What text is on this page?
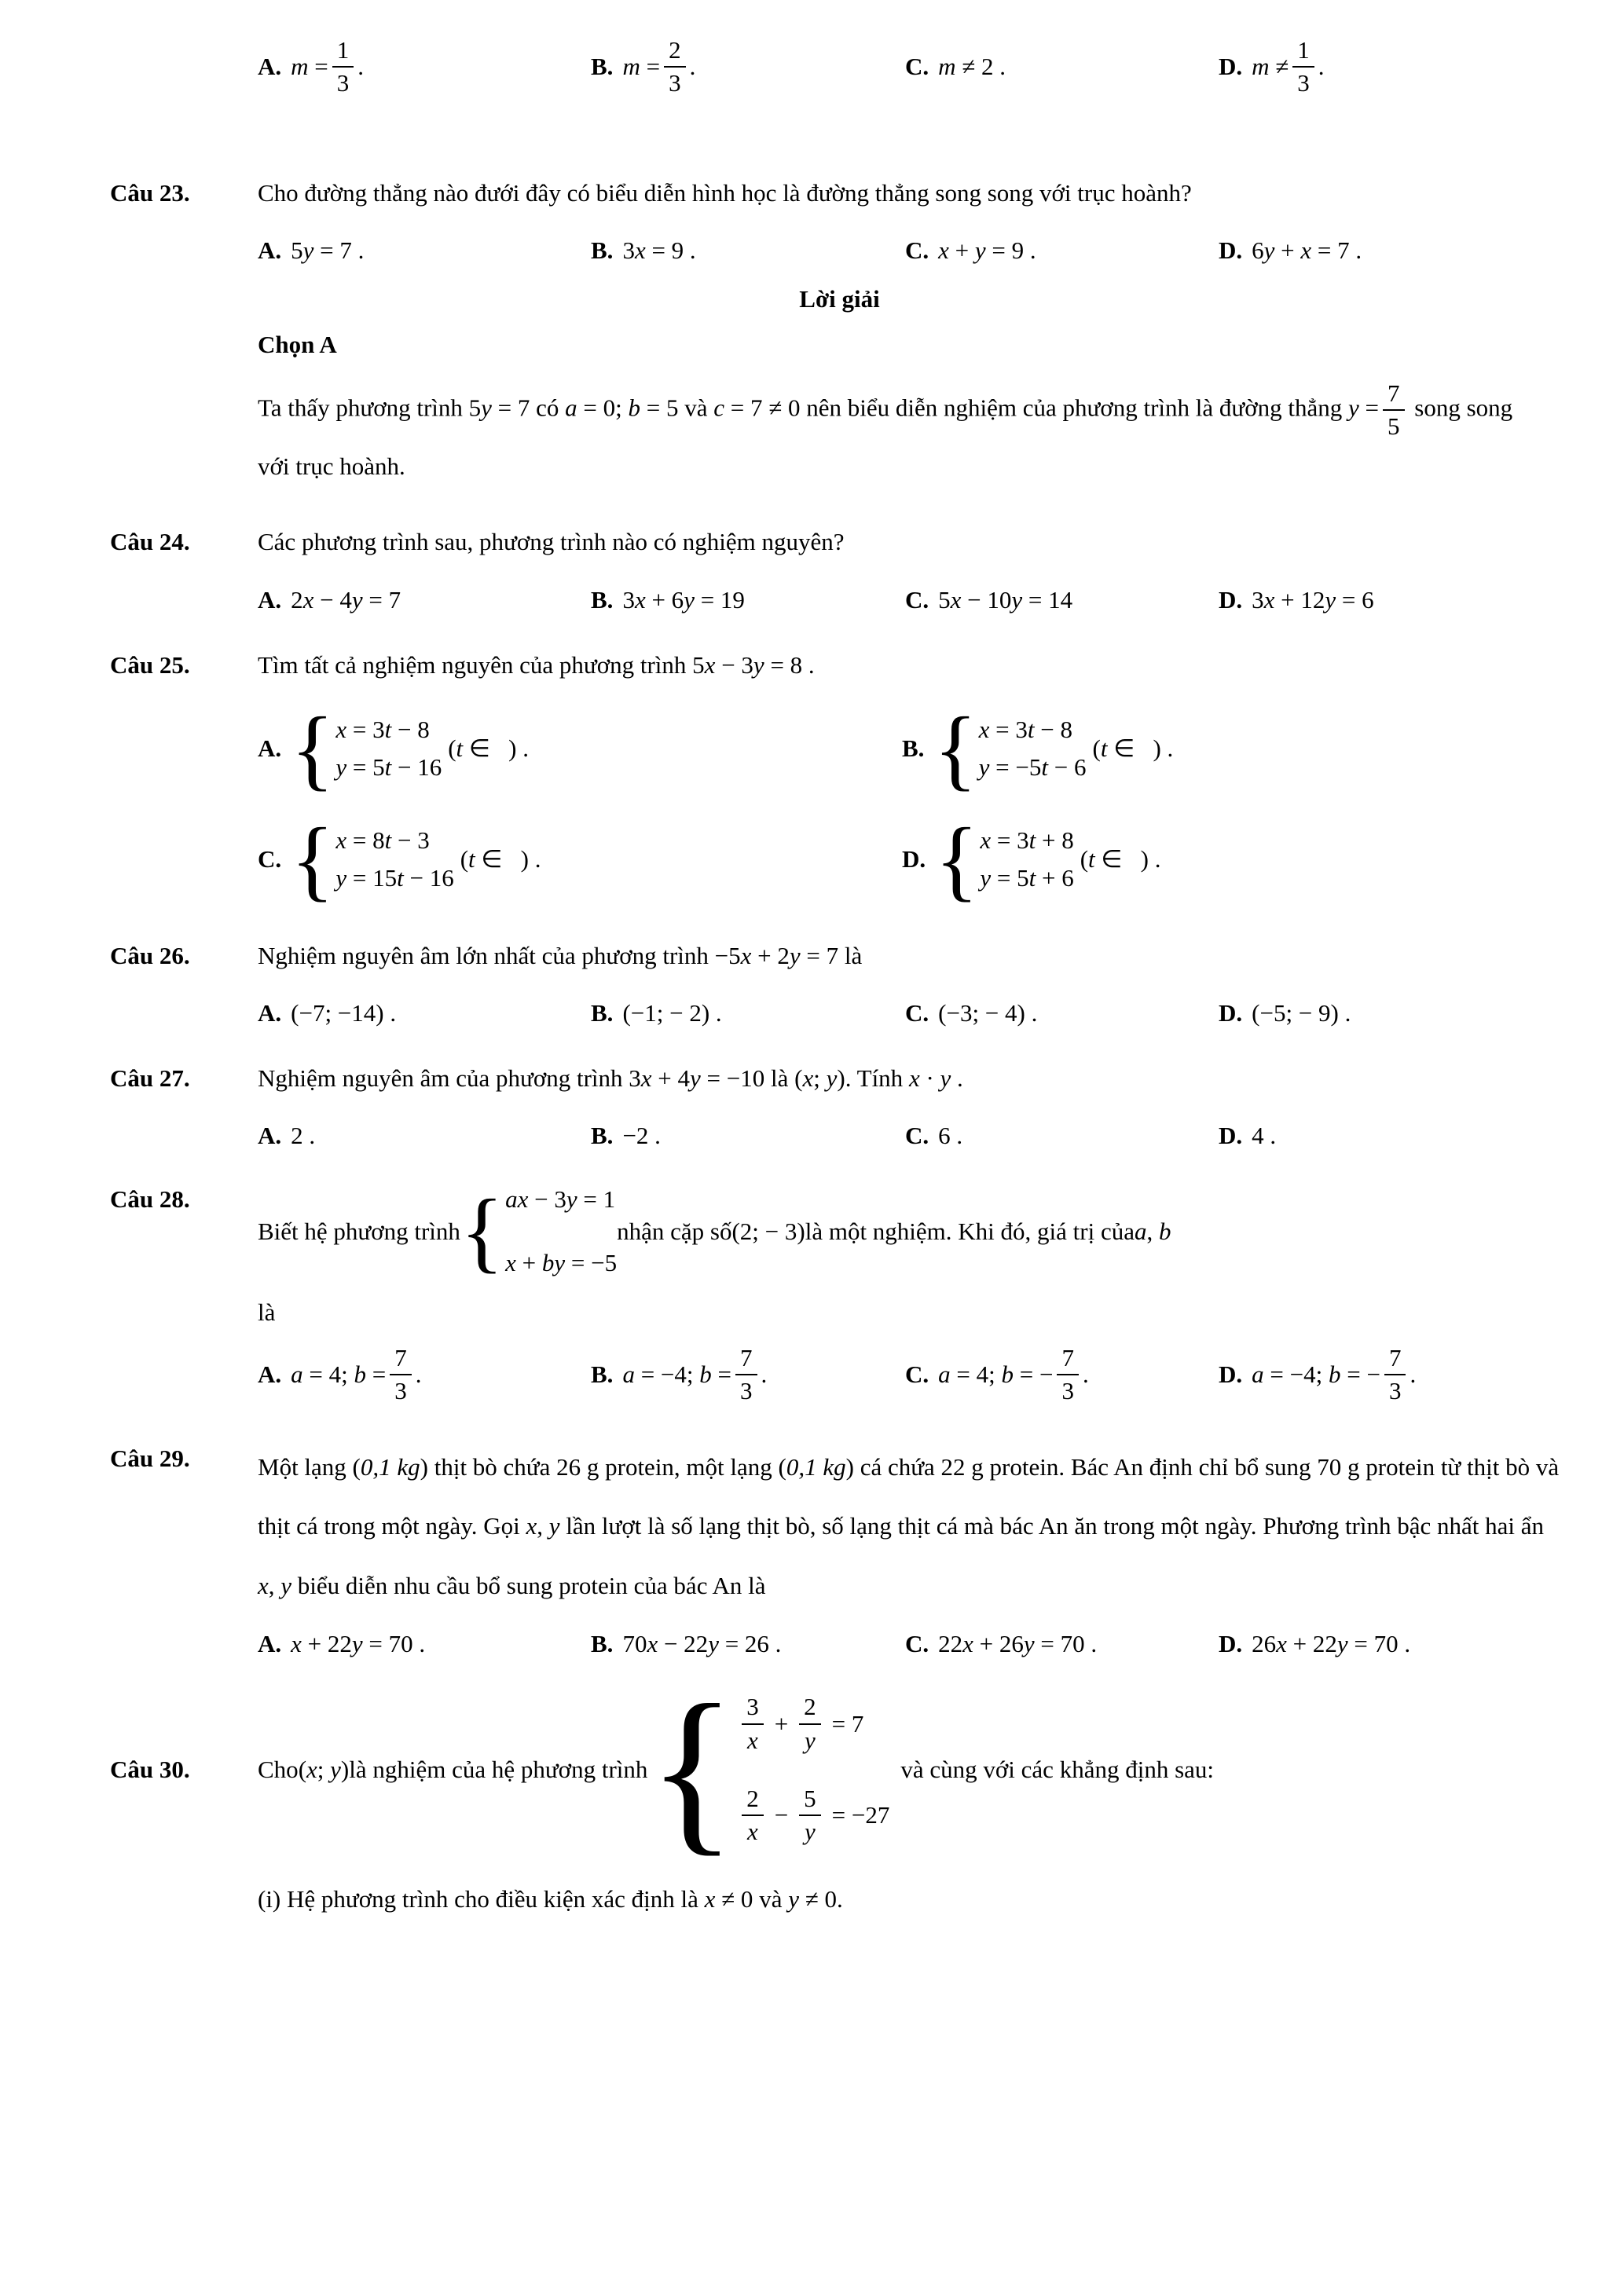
A. $m = \frac{1}{3}$ .	B. $m = \frac{2}{3}$ .	C. m ≠ 2 .	D. $m \ne \frac{1}{3}$ .
Câu 23.	Cho đường thẳng nào đưới đây có biểu diễn hình học là đường thẳng song song với trục hoành?
A. 5y = 7 .	B. 3x = 9 .	C. x + y = 9 .	D. 6y + x = 7 .
Lời giải
Chọn A

Ta thấy phương trình 5y = 7 có a = 0; b = 5 và c = 7 ≠ 0 nên biểu diễn nghiệm của phương trình là đường thẳng $y = \frac{7}{5}$ song song với trục hoành.

Câu 24.	Các phương trình sau, phương trình nào có nghiệm nguyên?
A. 2x − 4y = 7	B. 3x + 6y = 19	C. 5x − 10y = 14	D. 3x + 12y = 6
Câu 25.	Tìm tất cả nghiệm nguyên của phương trình 5x − 3y = 8 .
A. { x = 3t − 8
y = 5t − 16
(t ∈   ) .	B. { x = 3t − 8
y = −5t − 6
(t ∈   ) .
C. { x = 8t − 3
y = 15t − 16
(t ∈   ) .	D. { x = 3t + 8
y = 5t + 6
(t ∈   ) .
Câu 26.	Nghiệm nguyên âm lớn nhất của phương trình −5x + 2y = 7 là
A. (−7; −14) .	B. (−1; − 2) .	C. (−3; − 4) .	D. (−5; − 9) .
Câu 27.	Nghiệm nguyên âm của phương trình 3x + 4y = −10 là (x; y). Tính x · y .
A. 2 .	B. −2 .	C. 6 .	D. 4 .
Câu 28.
Biết hệ phương trình { ax − 3y = 1
x + by = −5
nhận cặp số (2; − 3) là một nghiệm. Khi đó, giá trị của a, b
là
A. a = 4; $b = \frac{7}{3}$ .	B. a = −4; $b = \frac{7}{3}$ .	C. a = 4; b = − $\frac{7}{3}$ .	D. a = −4; b = − $\frac{7}{3}$ .
Câu 29.	Một lạng (0,1 kg) thịt bò chứa 26 g protein, một lạng (0,1 kg) cá chứa 22 g protein. Bác An định chỉ bổ sung 70 g protein từ thịt bò và thịt cá trong một ngày. Gọi x, y lần lượt là số lạng thịt bò, số lạng thịt cá mà bác An ăn trong một ngày. Phương trình bậc nhất hai ẩn x, y biểu diễn nhu cầu bổ sung protein của bác An là
A. x + 22y = 70 .	B. 70x − 22y = 26 .	C. 22x + 26y = 70 .	D. 26x + 22y = 70 .
Câu 30.	Cho (x; y) là nghiệm của hệ phương trình { $\frac{3}{x} + \frac{2}{y} = 7$
$\frac{2}{x} - \frac{5}{y} = -27$
và cùng với các khẳng định sau:
(i) Hệ phương trình cho điều kiện xác định là x ≠ 0 và y ≠ 0.
